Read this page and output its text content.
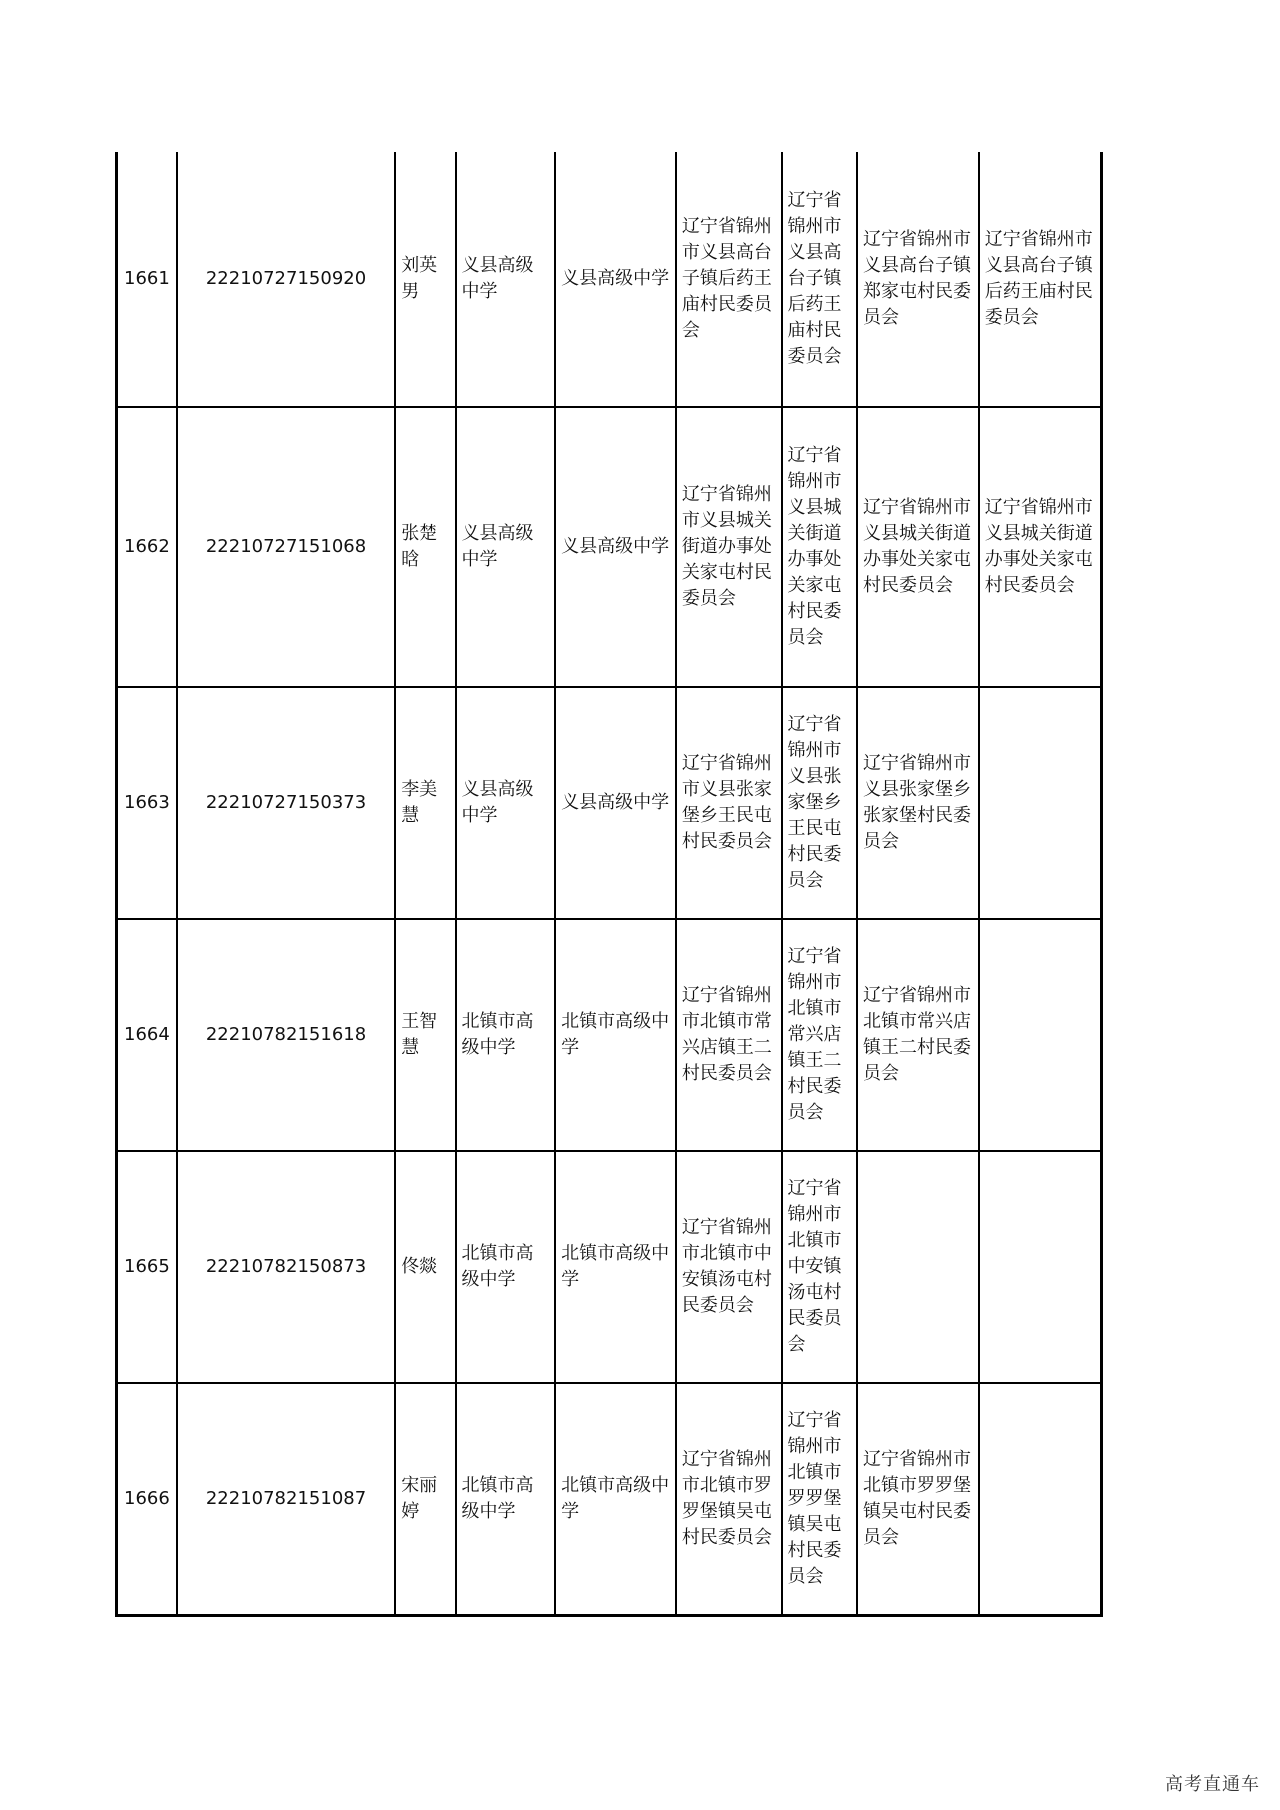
1661	22210727150920	刘英男	义县高级中学	义县高级中学	辽宁省锦州市义县高台子镇后药王庙村民委员会	辽宁省锦州市义县高台子镇后药王庙村民委员会	辽宁省锦州市义县高台子镇郑家屯村民委员会	辽宁省锦州市义县高台子镇后药王庙村民委员会
1662	22210727151068	张楚晗	义县高级中学	义县高级中学	辽宁省锦州市义县城关街道办事处关家屯村民委员会	辽宁省锦州市义县城关街道办事处关家屯村民委员会	辽宁省锦州市义县城关街道办事处关家屯村民委员会	辽宁省锦州市义县城关街道办事处关家屯村民委员会
1663	22210727150373	李美慧	义县高级中学	义县高级中学	辽宁省锦州市义县张家堡乡王民屯村民委员会	辽宁省锦州市义县张家堡乡王民屯村民委员会	辽宁省锦州市义县张家堡乡张家堡村民委员会	
1664	22210782151618	王智慧	北镇市高级中学	北镇市高级中学	辽宁省锦州市北镇市常兴店镇王二村民委员会	辽宁省锦州市北镇市常兴店镇王二村民委员会	辽宁省锦州市北镇市常兴店镇王二村民委员会	
1665	22210782150873	佟燚	北镇市高级中学	北镇市高级中学	辽宁省锦州市北镇市中安镇汤屯村民委员会	辽宁省锦州市北镇市中安镇汤屯村民委员会		
1666	22210782151087	宋丽婷	北镇市高级中学	北镇市高级中学	辽宁省锦州市北镇市罗罗堡镇吴屯村民委员会	辽宁省锦州市北镇市罗罗堡镇吴屯村民委员会	辽宁省锦州市北镇市罗罗堡镇吴屯村民委员会	
高考直通车
